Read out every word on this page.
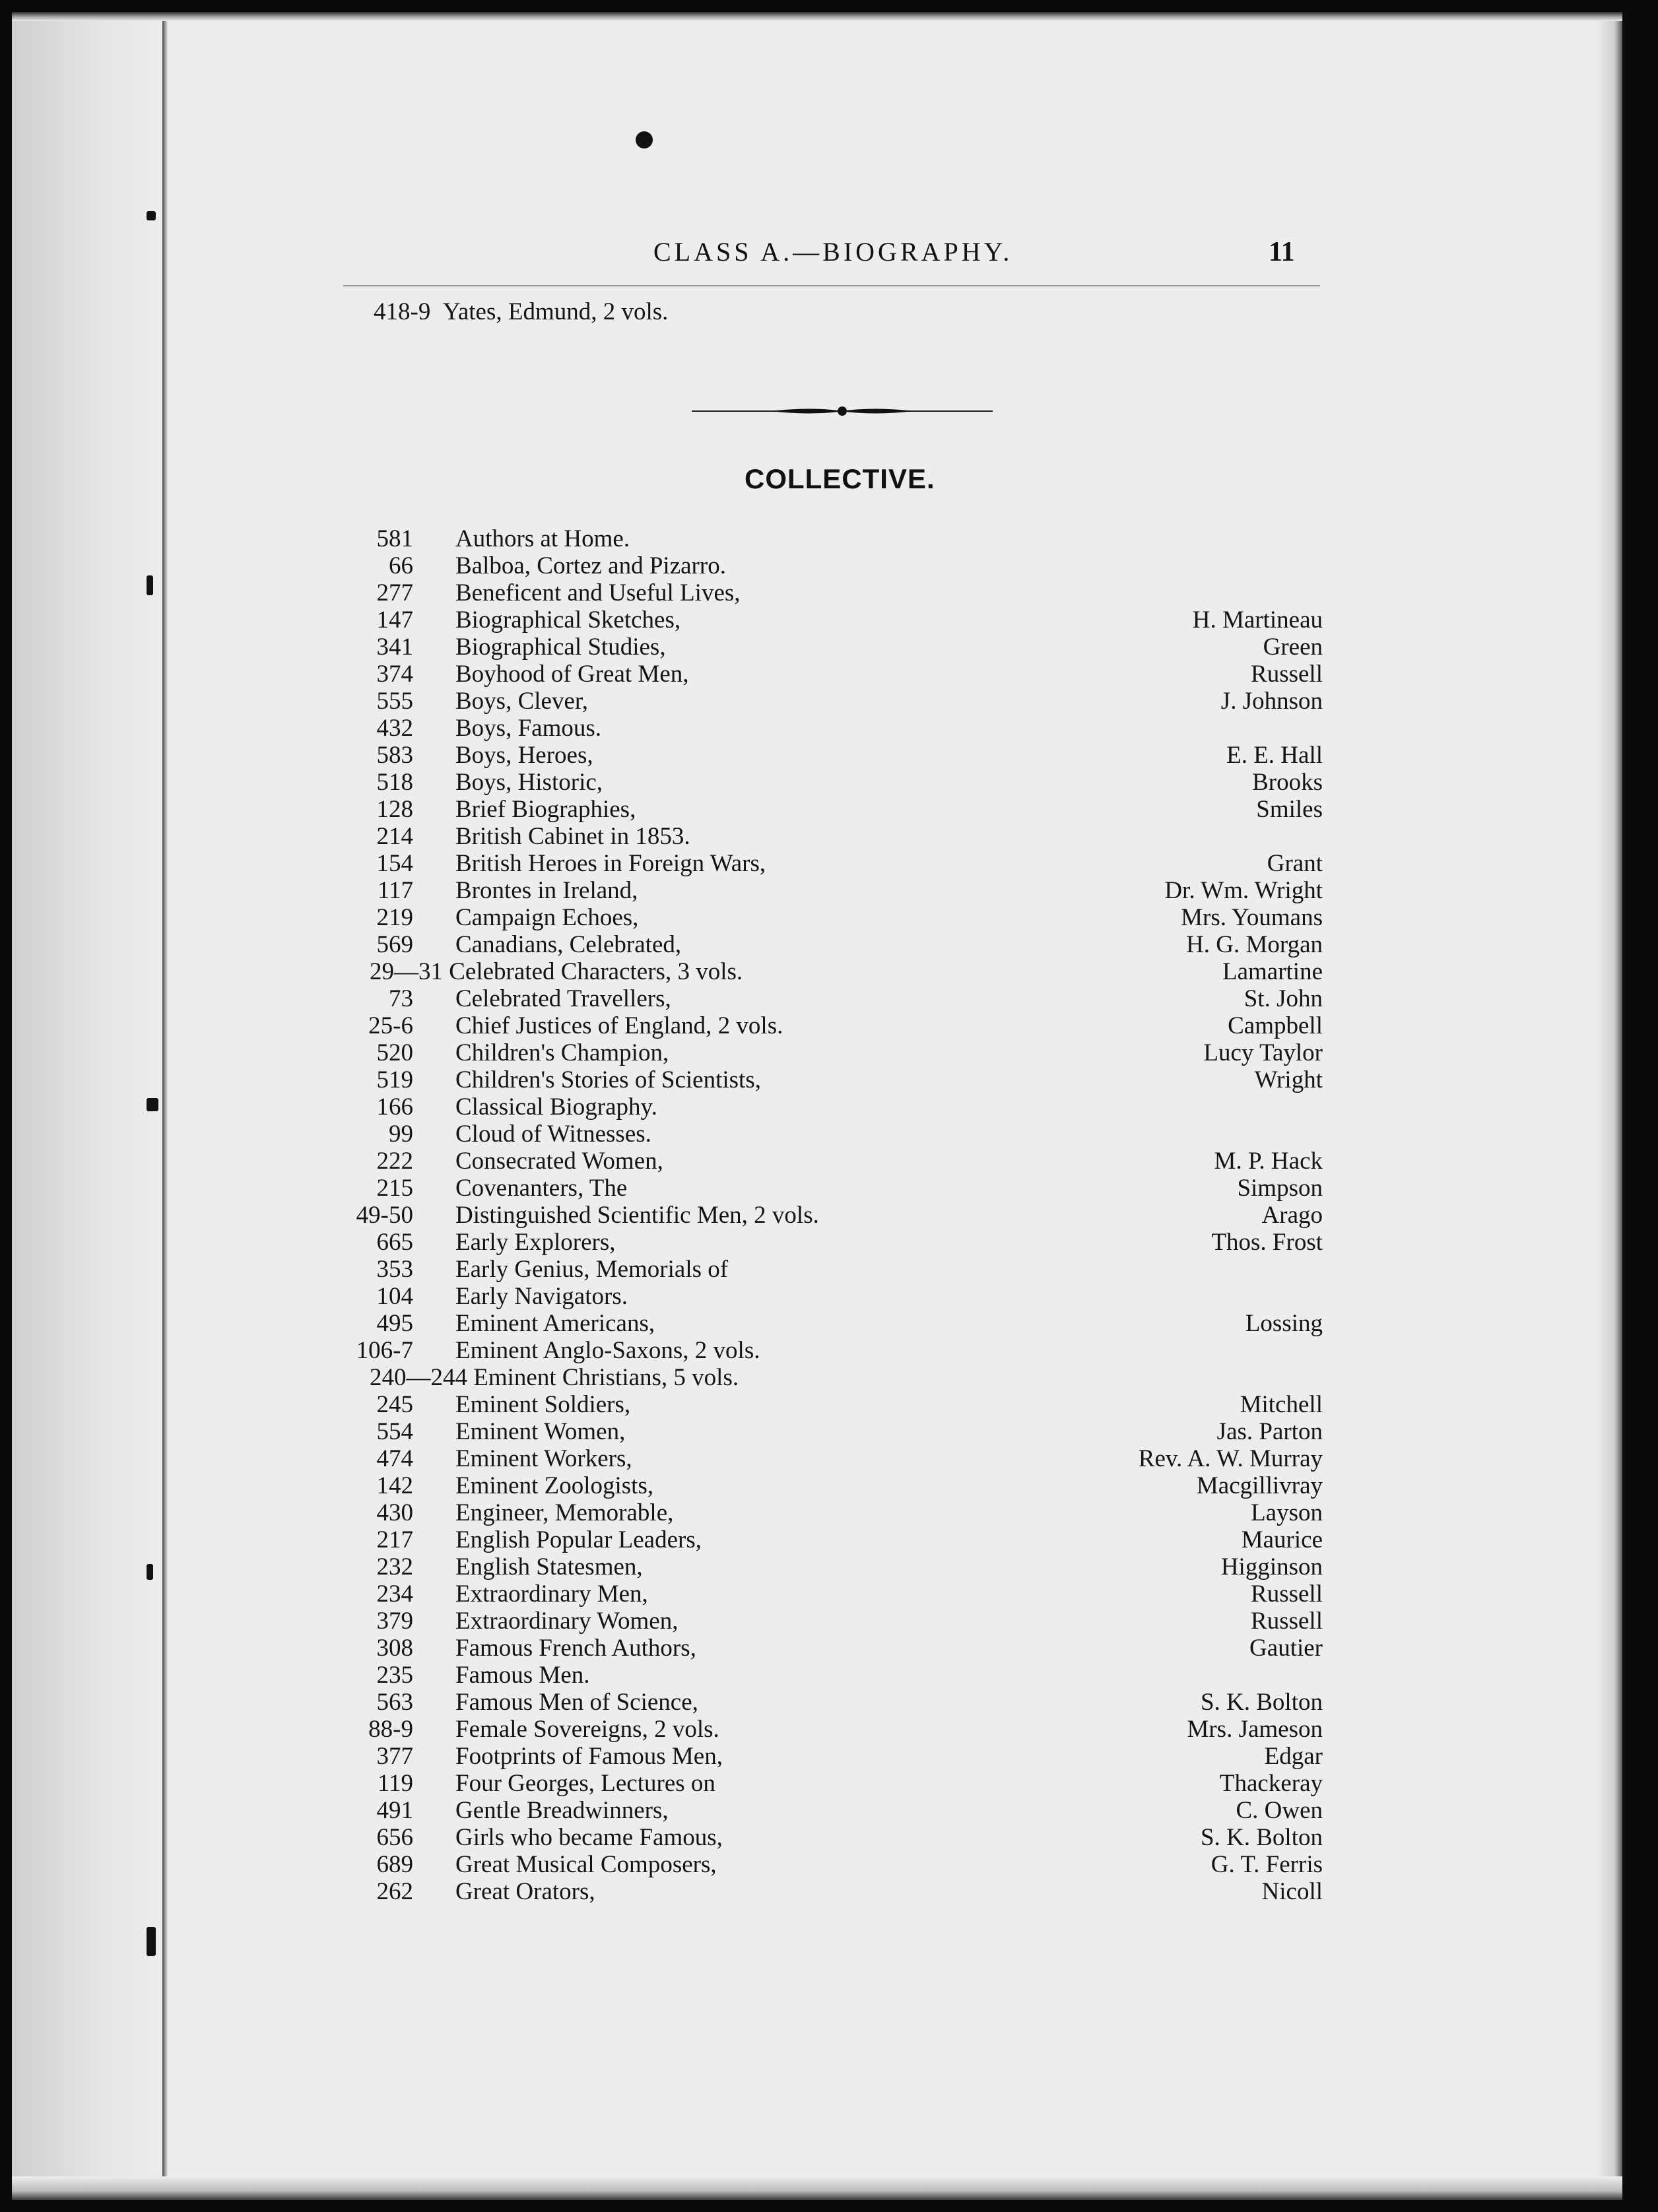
CLASS A.—BIOGRAPHY.	11
418-9 Yates, Edmund, 2 vols.
COLLECTIVE.
581 Authors at Home.
66 Balboa, Cortez and Pizarro.
277 Beneficent and Useful Lives,
147 Biographical Sketches,	H. Martineau
341 Biographical Studies,	Green
374 Boyhood of Great Men,	Russell
555 Boys, Clever,	J. Johnson
432 Boys, Famous.
583 Boys, Heroes,	E. E. Hall
518 Boys, Historic,	Brooks
128 Brief Biographies,	Smiles
214 British Cabinet in 1853.
154 British Heroes in Foreign Wars,	Grant
117 Brontes in Ireland,	Dr. Wm. Wright
219 Campaign Echoes,	Mrs. Youmans
569 Canadians, Celebrated,	H. G. Morgan
29—31 Celebrated Characters, 3 vols.	Lamartine
73 Celebrated Travellers,	St. John
25-6 Chief Justices of England, 2 vols.	Campbell
520 Children's Champion,	Lucy Taylor
519 Children's Stories of Scientists,	Wright
166 Classical Biography.
99 Cloud of Witnesses.
222 Consecrated Women,	M. P. Hack
215 Covenanters, The	Simpson
49-50 Distinguished Scientific Men, 2 vols.	Arago
665 Early Explorers,	Thos. Frost
353 Early Genius, Memorials of
104 Early Navigators.
495 Eminent Americans,	Lossing
106-7 Eminent Anglo-Saxons, 2 vols.
240—244 Eminent Christians, 5 vols.
245 Eminent Soldiers,	Mitchell
554 Eminent Women,	Jas. Parton
474 Eminent Workers,	Rev. A. W. Murray
142 Eminent Zoologists,	Macgillivray
430 Engineer, Memorable,	Layson
217 English Popular Leaders,	Maurice
232 English Statesmen,	Higginson
234 Extraordinary Men,	Russell
379 Extraordinary Women,	Russell
308 Famous French Authors,	Gautier
235 Famous Men.
563 Famous Men of Science,	S. K. Bolton
88-9 Female Sovereigns, 2 vols.	Mrs. Jameson
377 Footprints of Famous Men,	Edgar
119 Four Georges, Lectures on	Thackeray
491 Gentle Breadwinners,	C. Owen
656 Girls who became Famous,	S. K. Bolton
689 Great Musical Composers,	G. T. Ferris
262 Great Orators,	Nicoll
